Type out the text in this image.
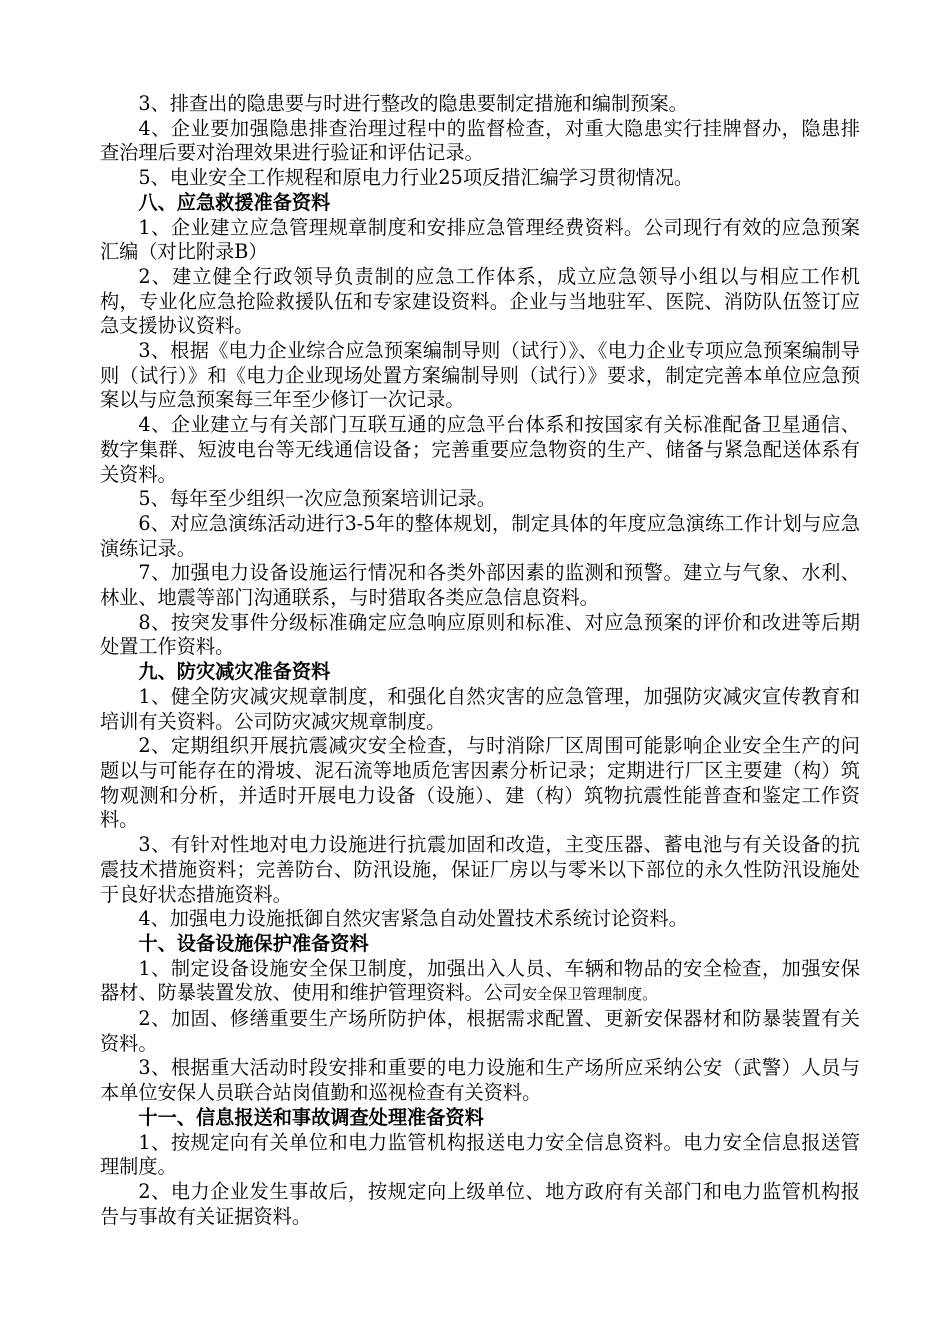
3、排查出的隐患要与时进行整改的隐患要制定措施和编制预案。

4、企业要加强隐患排查治理过程中的监督检查，对重大隐患实行挂牌督办，隐患排查治理后要对治理效果进行验证和评估记录。

5、电业安全工作规程和原电力行业25项反措汇编学习贯彻情况。

八、应急救援准备资料

1、企业建立应急管理规章制度和安排应急管理经费资料。公司现行有效的应急预案汇编（对比附录B）

2、建立健全行政领导负责制的应急工作体系，成立应急领导小组以与相应工作机构，专业化应急抢险救援队伍和专家建设资料。企业与当地驻军、医院、消防队伍签订应急支援协议资料。

3、根据《电力企业综合应急预案编制导则（试行）》、《电力企业专项应急预案编制导则（试行）》和《电力企业现场处置方案编制导则（试行）》要求，制定完善本单位应急预案以与应急预案每三年至少修订一次记录。

4、企业建立与有关部门互联互通的应急平台体系和按国家有关标准配备卫星通信、数字集群、短波电台等无线通信设备；完善重要应急物资的生产、储备与紧急配送体系有关资料。

5、每年至少组织一次应急预案培训记录。

6、对应急演练活动进行3-5年的整体规划，制定具体的年度应急演练工作计划与应急演练记录。

7、加强电力设备设施运行情况和各类外部因素的监测和预警。建立与气象、水利、林业、地震等部门沟通联系，与时猎取各类应急信息资料。

8、按突发事件分级标准确定应急响应原则和标准、对应急预案的评价和改进等后期处置工作资料。

九、防灾减灾准备资料

1、健全防灾减灾规章制度，和强化自然灾害的应急管理，加强防灾减灾宣传教育和培训有关资料。公司防灾减灾规章制度。

2、定期组织开展抗震减灾安全检查，与时消除厂区周围可能影响企业安全生产的问题以与可能存在的滑坡、泥石流等地质危害因素分析记录；定期进行厂区主要建（构）筑物观测和分析，并适时开展电力设备（设施）、建（构）筑物抗震性能普查和鉴定工作资料。

3、有针对性地对电力设施进行抗震加固和改造，主变压器、蓄电池与有关设备的抗震技术措施资料；完善防台、防汛设施，保证厂房以与零米以下部位的永久性防汛设施处于良好状态措施资料。

4、加强电力设施抵御自然灾害紧急自动处置技术系统讨论资料。

十、设备设施保护准备资料

1、制定设备设施安全保卫制度，加强出入人员、车辆和物品的安全检查，加强安保器材、防暴装置发放、使用和维护管理资料。公司安全保卫管理制度。

2、加固、修缮重要生产场所防护体，根据需求配置、更新安保器材和防暴装置有关资料。

3、根据重大活动时段安排和重要的电力设施和生产场所应采纳公安（武警）人员与本单位安保人员联合站岗值勤和巡视检查有关资料。

十一、信息报送和事故调查处理准备资料

1、按规定向有关单位和电力监管机构报送电力安全信息资料。电力安全信息报送管理制度。

2、电力企业发生事故后，按规定向上级单位、地方政府有关部门和电力监管机构报告与事故有关证据资料。
